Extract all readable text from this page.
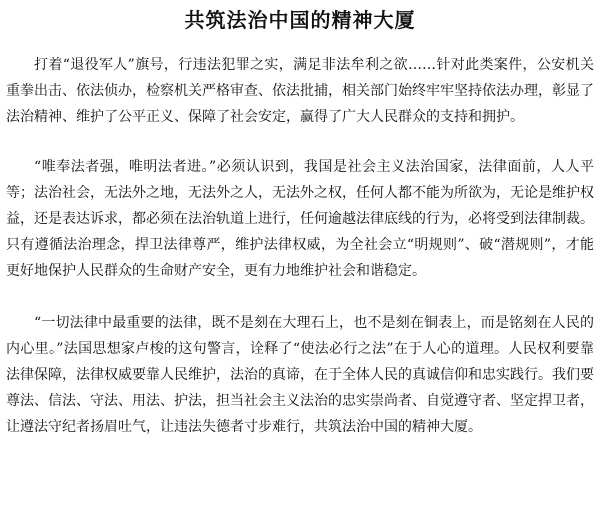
共筑法治中国的精神大厦

打着“退役军人”旗号，行违法犯罪之实，满足非法牟利之欲……针对此类案件，公安机关重拳出击、依法侦办，检察机关严格审查、依法批捕，相关部门始终牢牢坚持依法办理，彰显了法治精神、维护了公平正义、保障了社会安定，赢得了广大人民群众的支持和拥护。

“唯奉法者强，唯明法者进。”必须认识到，我国是社会主义法治国家，法律面前，人人平等；法治社会，无法外之地，无法外之人，无法外之权，任何人都不能为所欲为，无论是维护权益，还是表达诉求，都必须在法治轨道上进行，任何逾越法律底线的行为，必将受到法律制裁。只有遵循法治理念，捍卫法律尊严，维护法律权威，为全社会立“明规则”、破“潜规则”，才能更好地保护人民群众的生命财产安全，更有力地维护社会和谐稳定。

“一切法律中最重要的法律，既不是刻在大理石上，也不是刻在铜表上，而是铭刻在人民的内心里。”法国思想家卢梭的这句警言，诠释了“使法必行之法”在于人心的道理。人民权利要靠法律保障，法律权威要靠人民维护，法治的真谛，在于全体人民的真诚信仰和忠实践行。我们要尊法、信法、守法、用法、护法，担当社会主义法治的忠实崇尚者、自觉遵守者、坚定捍卫者，让遵法守纪者扬眉吐气，让违法失德者寸步难行，共筑法治中国的精神大厦。
